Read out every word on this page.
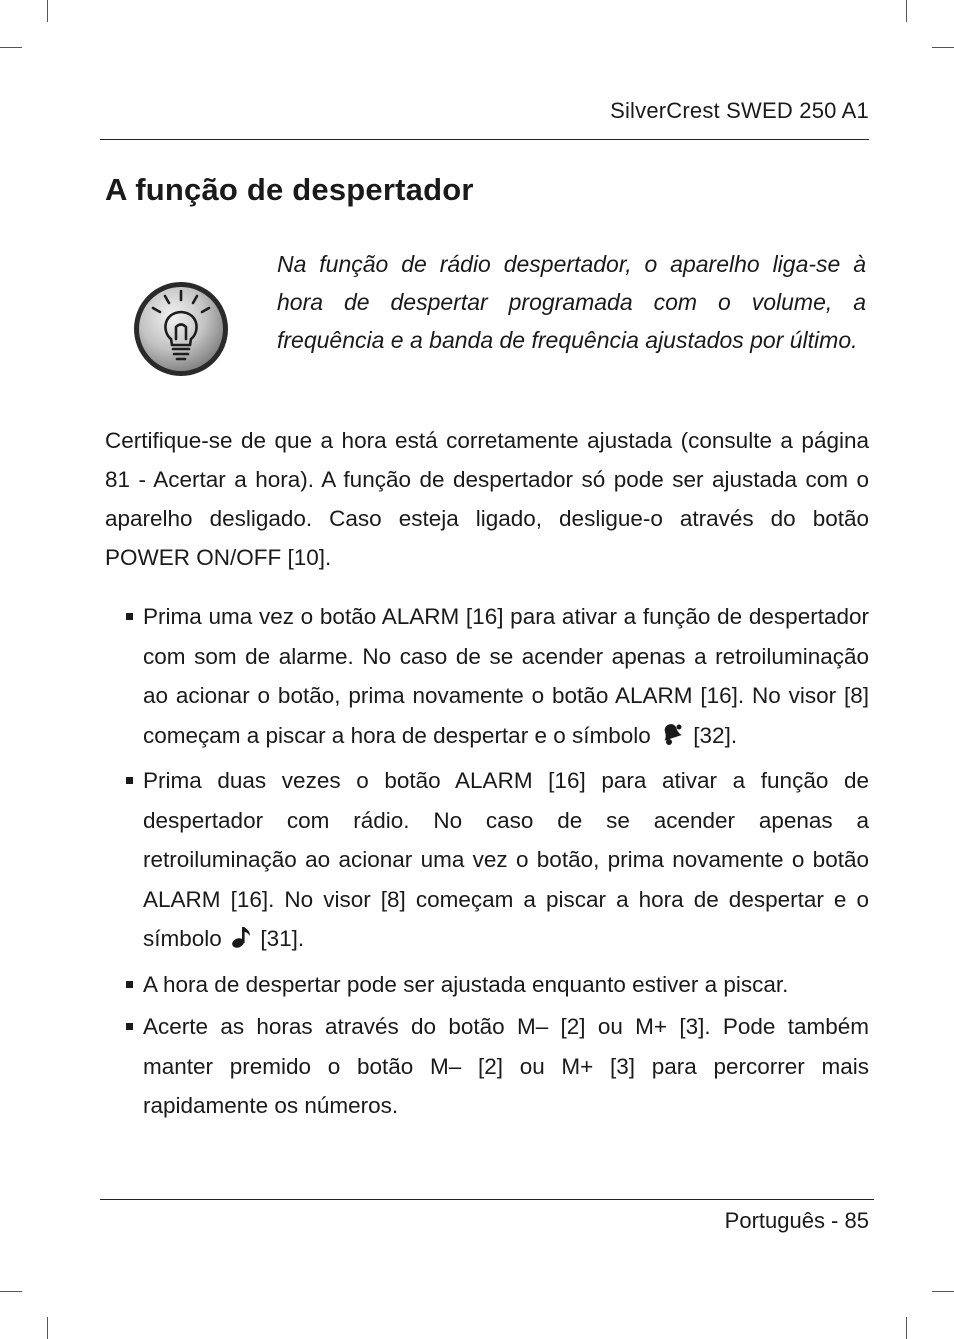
SilverCrest SWED 250 A1
A função de despertador

Na função de rádio despertador, o aparelho liga-se à hora de despertar programada com o volume, a frequência e a banda de frequência ajustados por último.

Certifique-se de que a hora está corretamente ajustada (consulte a página 81 - Acertar a hora). A função de despertador só pode ser ajustada com o aparelho desligado. Caso esteja ligado, desligue-o através do botão POWER ON/OFF [10].

Prima uma vez o botão ALARM [16] para ativar a função de despertador com som de alarme. No caso de se acender apenas a retroiluminação ao acionar o botão, prima novamente o botão ALARM [16]. No visor [8] começam a piscar a hora de despertar e o símbolo [32].
Prima duas vezes o botão ALARM [16] para ativar a função de despertador com rádio. No caso de se acender apenas a retroiluminação ao acionar uma vez o botão, prima novamente o botão ALARM [16]. No visor [8] começam a piscar a hora de despertar e o símbolo [31].
A hora de despertar pode ser ajustada enquanto estiver a piscar.
Acerte as horas através do botão M– [2] ou M+ [3]. Pode também manter premido o botão M– [2] ou M+ [3] para percorrer mais rapidamente os números.
Português - 85
